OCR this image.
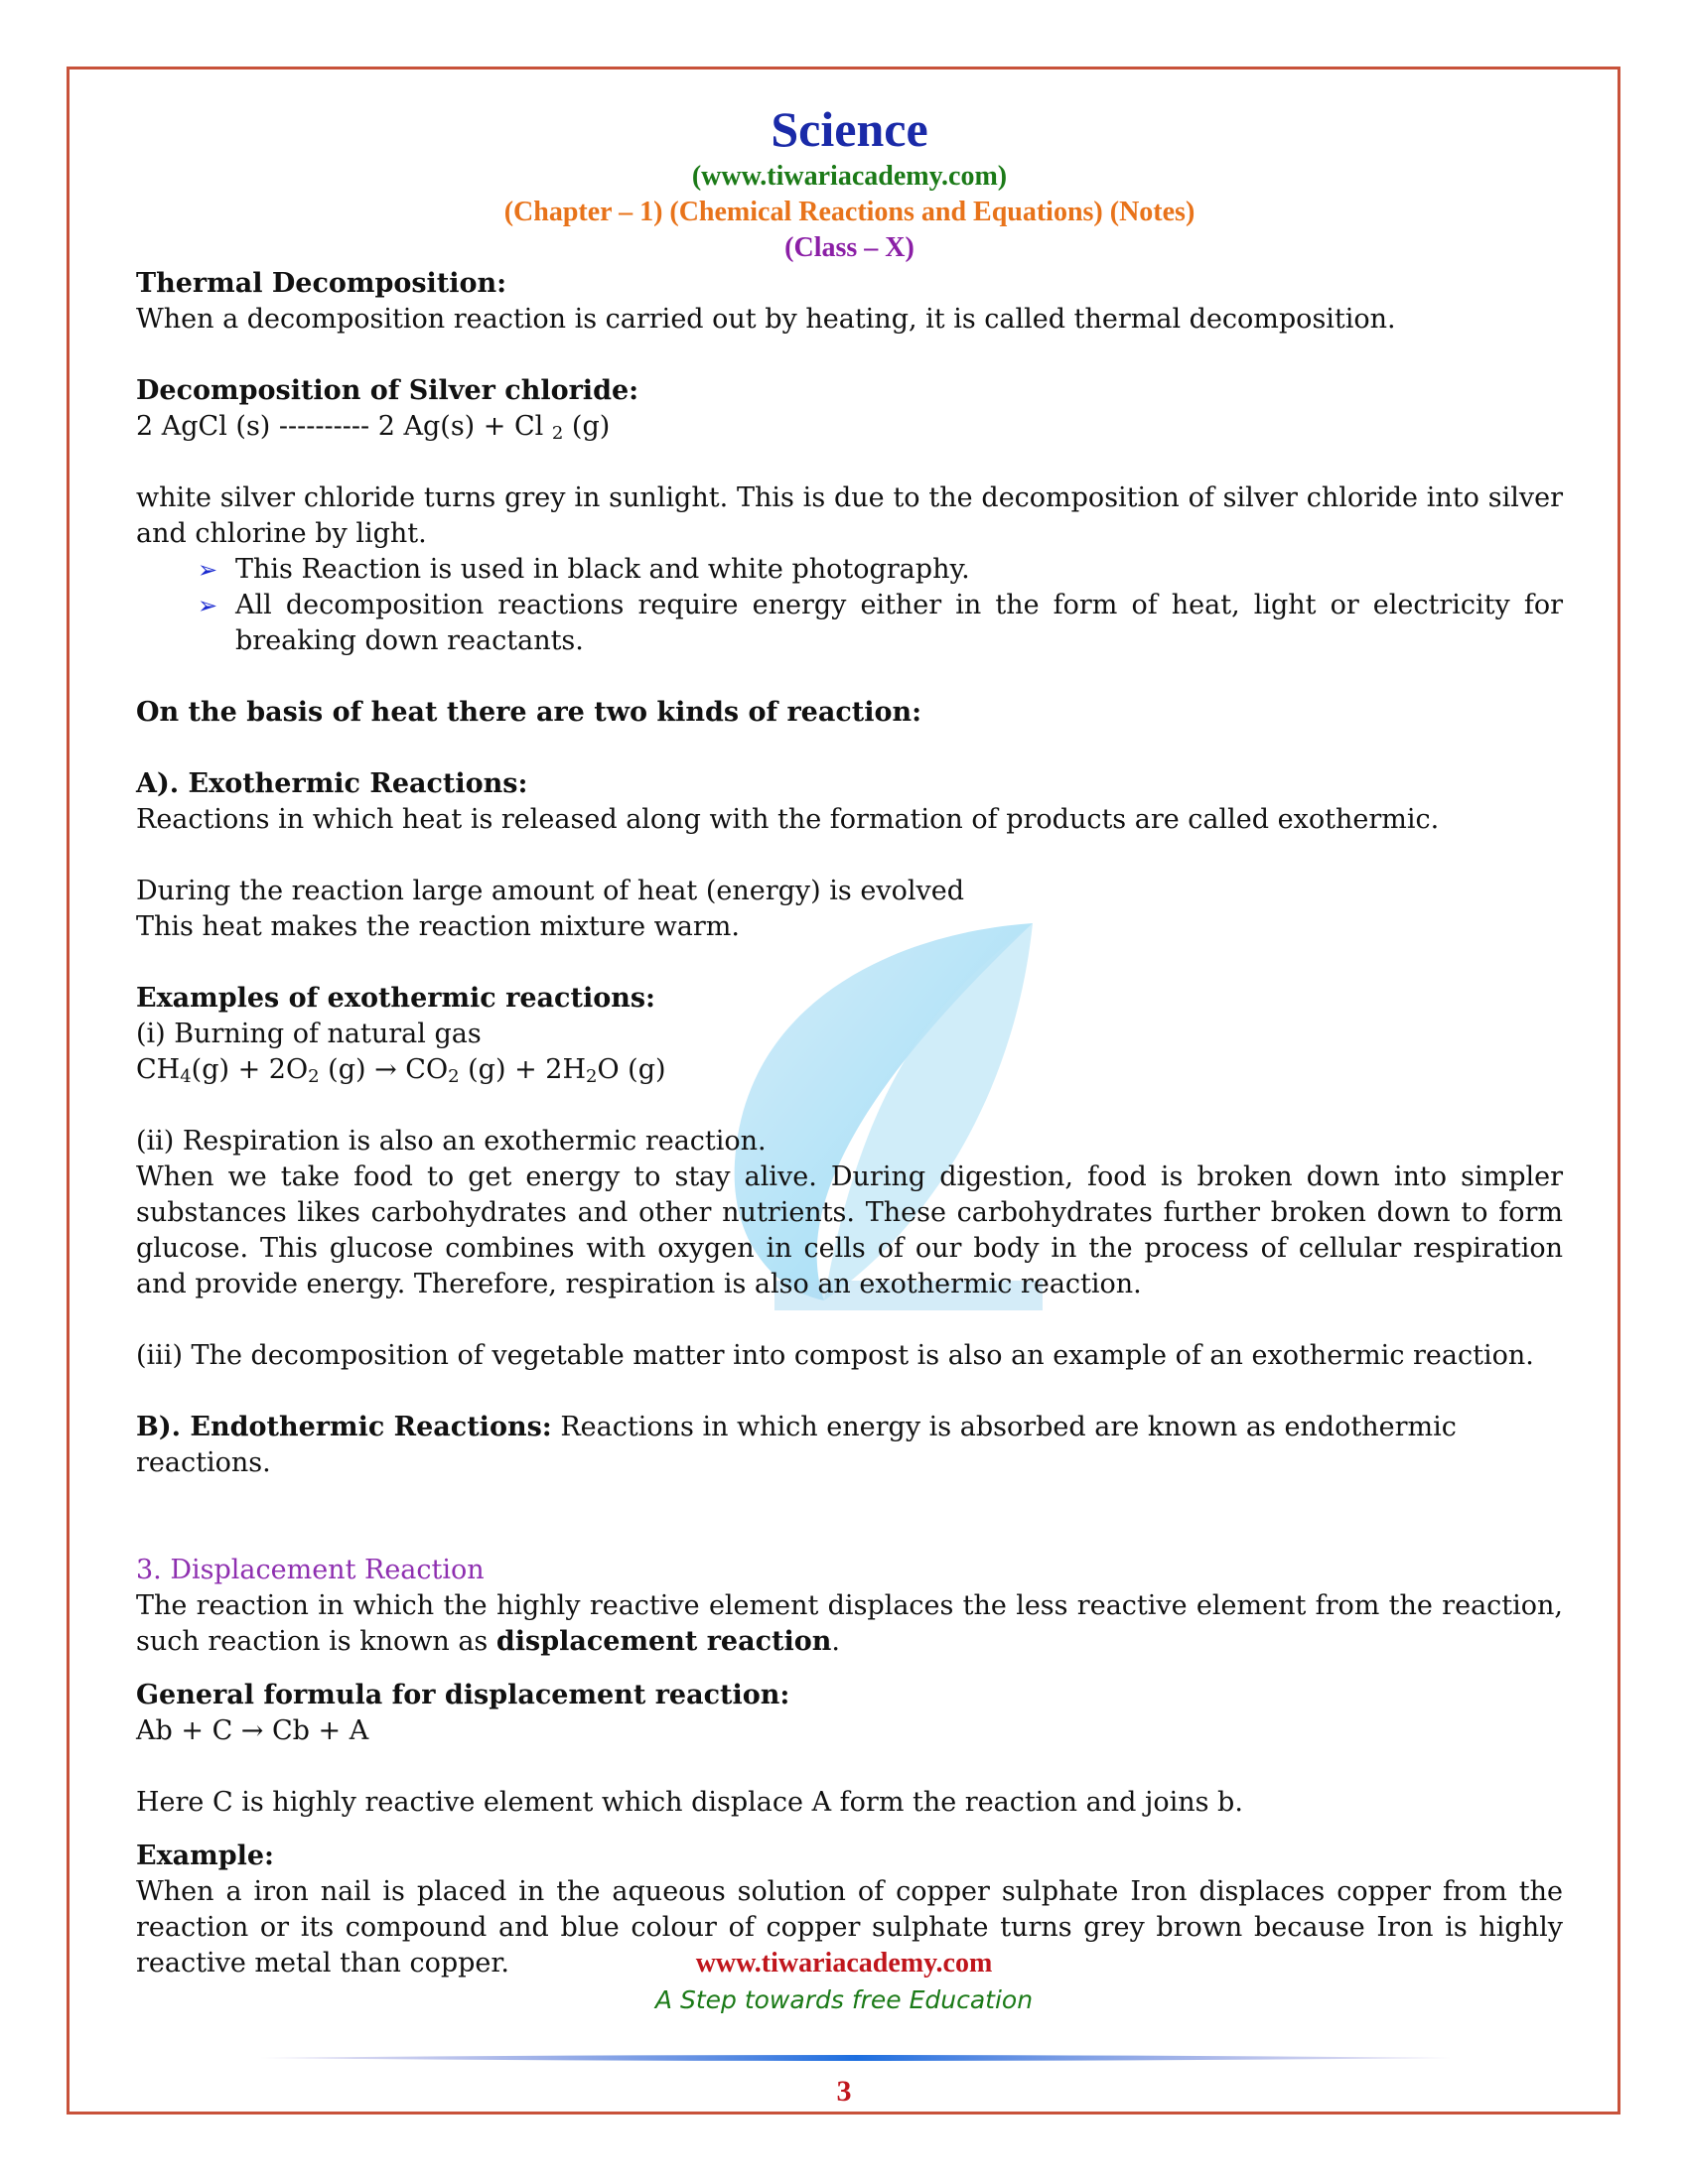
Science
(www.tiwariacademy.com)
(Chapter – 1) (Chemical Reactions and Equations) (Notes)
(Class – X)

Thermal Decomposition:

When a decomposition reaction is carried out by heating, it is called thermal decomposition.

Decomposition of Silver chloride:

2 AgCl (s) ---------- 2 Ag(s) + Cl $_2$ (g)

white silver chloride turns grey in sunlight. This is due to the decomposition of silver chloride into silver and chlorine by light.

➢ This Reaction is used in black and white photography.
➢ All decomposition reactions require energy either in the form of heat, light or electricity for breaking down reactants.

On the basis of heat there are two kinds of reaction:

A). Exothermic Reactions:

Reactions in which heat is released along with the formation of products are called exothermic.

During the reaction large amount of heat (energy) is evolved

This heat makes the reaction mixture warm.

Examples of exothermic reactions:

(i) Burning of natural gas

$CH_4(g) + 2O_2$ $(g) \to CO_2$ $(g) + 2H_2O$ (g)

(ii) Respiration is also an exothermic reaction.

When we take food to get energy to stay alive. During digestion, food is broken down into simpler substances likes carbohydrates and other nutrients. These carbohydrates further broken down to form glucose. This glucose combines with oxygen in cells of our body in the process of cellular respiration and provide energy. Therefore, respiration is also an exothermic reaction.

(iii) The decomposition of vegetable matter into compost is also an example of an exothermic reaction.

B). Endothermic Reactions: Reactions in which energy is absorbed are known as endothermic reactions.

3. Displacement Reaction

The reaction in which the highly reactive element displaces the less reactive element from the reaction, such reaction is known as displacement reaction.

General formula for displacement reaction:

Ab + C → Cb + A

Here C is highly reactive element which displace A form the reaction and joins b.

Example:

When a iron nail is placed in the aqueous solution of copper sulphate Iron displaces copper from the reaction or its compound and blue colour of copper sulphate turns grey brown because Iron is highly reactive metal than copper.	www.tiwariacademy.com
A Step towards free Education
3
